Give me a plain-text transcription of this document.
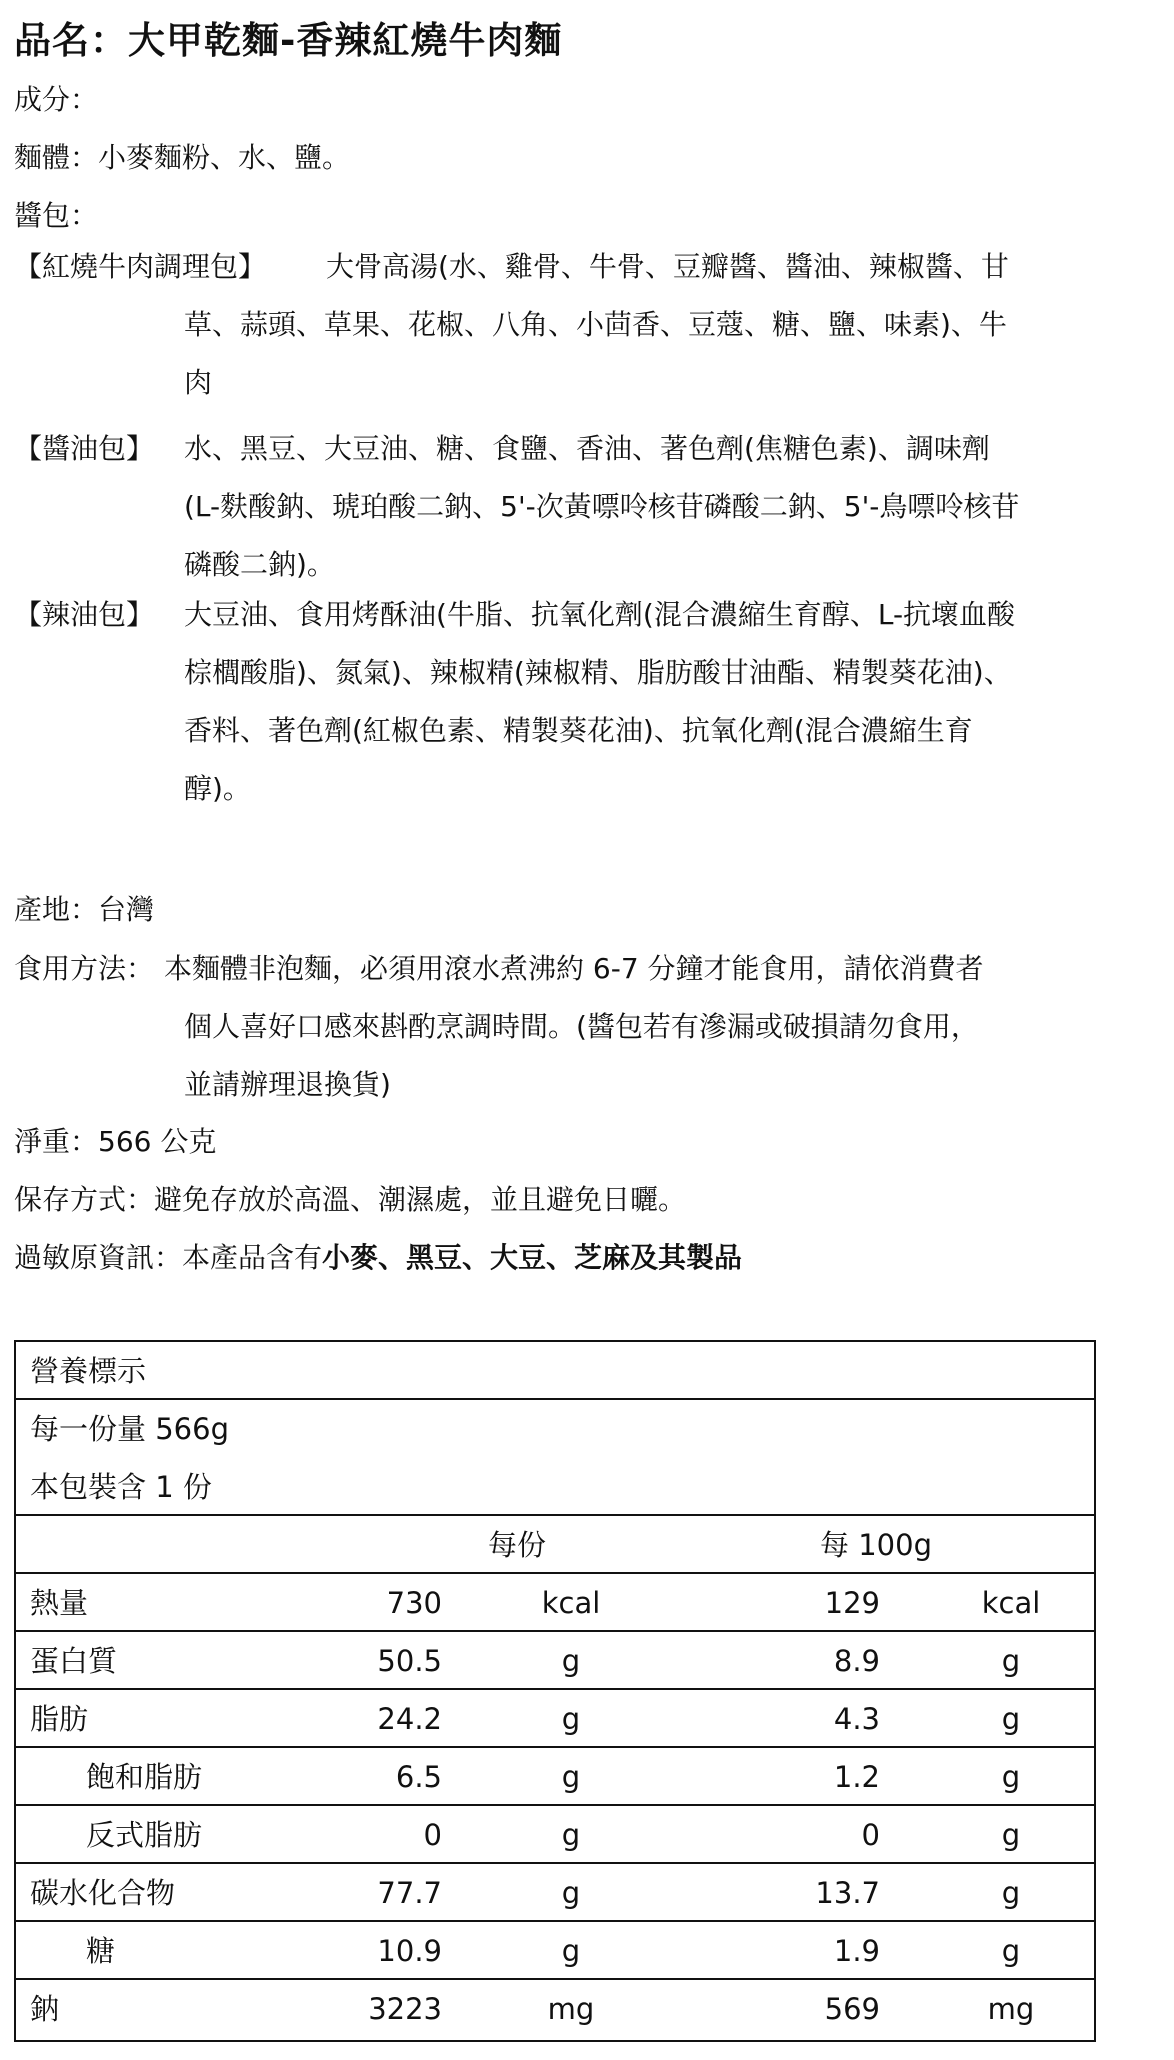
品名：大甲乾麵-香辣紅燒牛肉麵
成分：
麵體：小麥麵粉、水、鹽。
醬包：
【紅燒牛肉調理包】	大骨高湯(水、雞骨、牛骨、豆瓣醬、醬油、辣椒醬、甘
草、蒜頭、草果、花椒、八角、小茴香、豆蔻、糖、鹽、味素)、牛
肉
【醬油包】 水、黑豆、大豆油、糖、食鹽、香油、著色劑(焦糖色素)、調味劑
(L-麩酸鈉、琥珀酸二鈉、5'-次黃嘌呤核苷磷酸二鈉、5'-鳥嘌呤核苷
磷酸二鈉)。
【辣油包】 大豆油、食用烤酥油(牛脂、抗氧化劑(混合濃縮生育醇、L-抗壞血酸
棕櫚酸脂)、氮氣)、辣椒精(辣椒精、脂肪酸甘油酯、精製葵花油)、
香料、著色劑(紅椒色素、精製葵花油)、抗氧化劑(混合濃縮生育
醇)。
產地：台灣
食用方法： 本麵體非泡麵，必須用滾水煮沸約 6-7 分鐘才能食用，請依消費者
個人喜好口感來斟酌烹調時間。(醬包若有滲漏或破損請勿食用，
並請辦理退換貨)
淨重：566 公克
保存方式：避免存放於高溫、潮濕處，並且避免日曬。
過敏原資訊：本產品含有小麥、黑豆、大豆、芝麻及其製品
營養標示
每一份量 566g
本包裝含 1 份
每份	每 100g
熱量	730	kcal	129	kcal
蛋白質	50.5	g	8.9	g
脂肪	24.2	g	4.3	g
飽和脂肪	6.5	g	1.2	g
反式脂肪	0	g	0	g
碳水化合物	77.7	g	13.7	g
糖	10.9	g	1.9	g
鈉	3223	mg	569	mg
